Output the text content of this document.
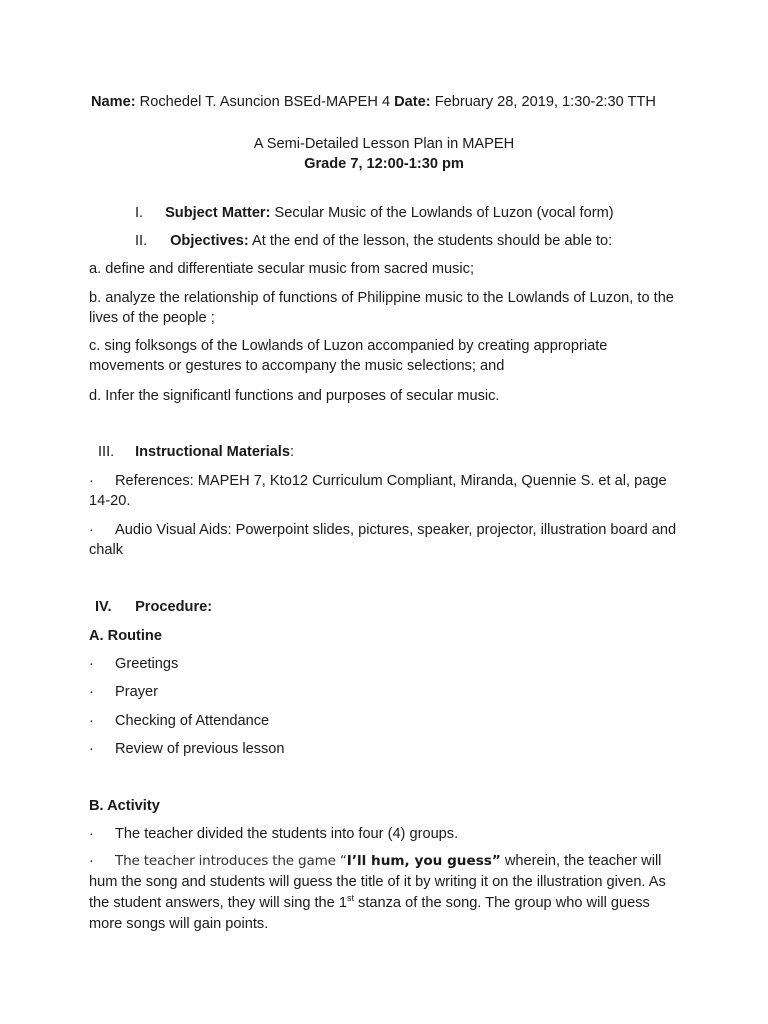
Name: Rochedel T. Asuncion BSEd-MAPEH 4 Date: February 28, 2019, 1:30-2:30 TTH
A Semi-Detailed Lesson Plan in MAPEH
Grade 7, 12:00-1:30 pm
I. Subject Matter: Secular Music of the Lowlands of Luzon (vocal form)
II. Objectives: At the end of the lesson, the students should be able to:
a. define and differentiate secular music from sacred music;
b. analyze the relationship of functions of Philippine music to the Lowlands of Luzon, to the lives of the people ;
c. sing folksongs of the Lowlands of Luzon accompanied by creating appropriate movements or gestures to accompany the music selections; and
d. Infer the significantl functions and purposes of secular music.
III. Instructional Materials:
· References: MAPEH 7, Kto12 Curriculum Compliant, Miranda, Quennie S. et al, page 14-20.
· Audio Visual Aids: Powerpoint slides, pictures, speaker, projector, illustration board and chalk
IV. Procedure:
A. Routine
· Greetings
· Prayer
· Checking of Attendance
· Review of previous lesson
B. Activity
· The teacher divided the students into four (4) groups.
· The teacher introduces the game “I’ll hum, you guess” wherein, the teacher will hum the song and students will guess the title of it by writing it on the illustration given. As the student answers, they will sing the 1st stanza of the song. The group who will guess more songs will gain points.
